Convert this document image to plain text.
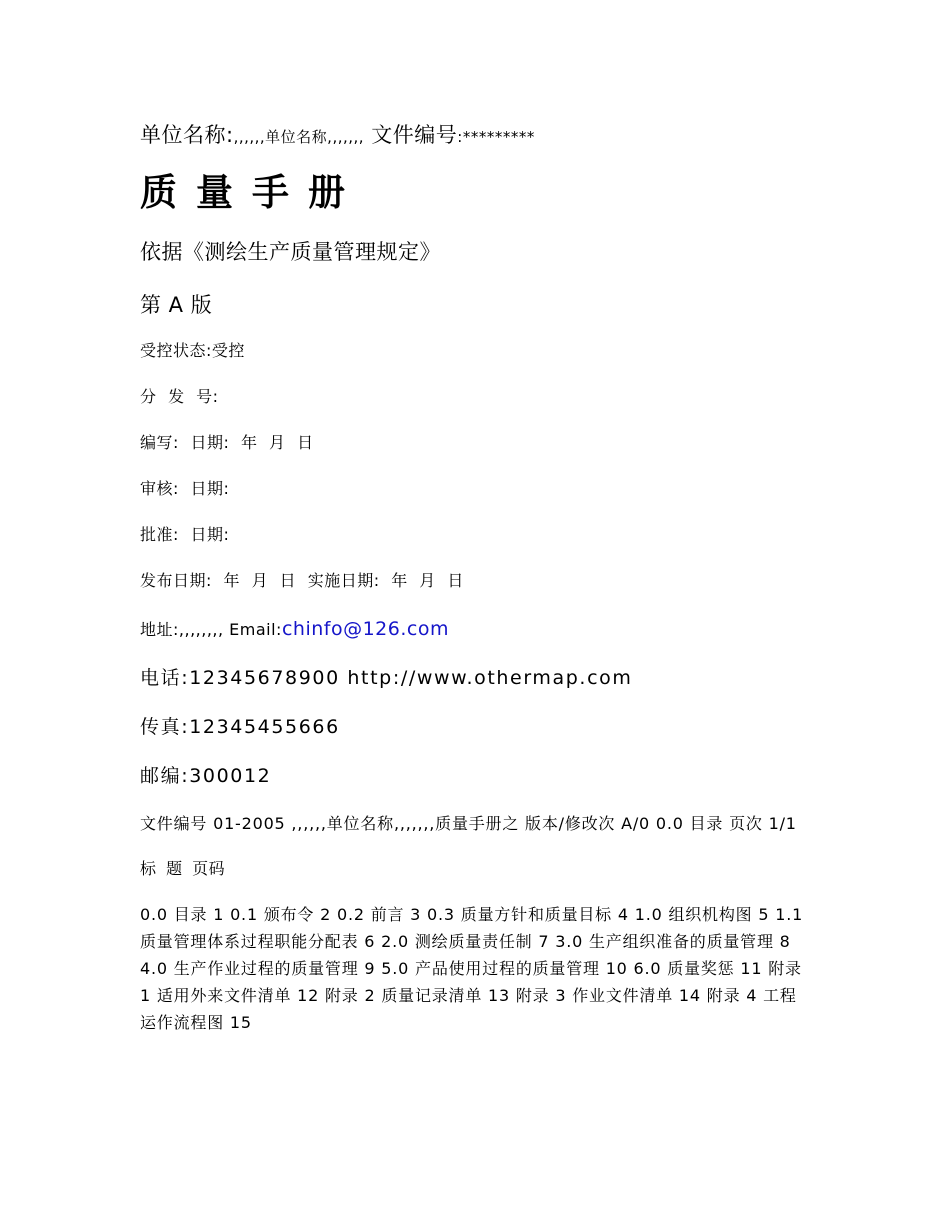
单位名称:,,,,,,单位名称,,,,,,, 文件编号:*********

质量手册

依据《测绘生产质量管理规定》

第 A 版

受控状态:受控

分 发 号:

编写: 日期: 年 月 日

审核: 日期:

批准: 日期:

发布日期: 年 月 日 实施日期: 年 月 日

地址:,,,,,,,, Email:chinfo@126.com

电话:12345678900 http://www.othermap.com

传真:12345455666

邮编:300012

文件编号 01-2005 ,,,,,,单位名称,,,,,,,质量手册之 版本/修改次 A/0 0.0 目录 页次 1/1

标 题 页码

0.0 目录 1 0.1 颁布令 2 0.2 前言 3 0.3 质量方针和质量目标 4 1.0 组织机构图 5 1.1 质量管理体系过程职能分配表 6 2.0 测绘质量责任制 7 3.0 生产组织准备的质量管理 8 4.0 生产作业过程的质量管理 9 5.0 产品使用过程的质量管理 10 6.0 质量奖惩 11 附录 1 适用外来文件清单 12 附录 2 质量记录清单 13 附录 3 作业文件清单 14 附录 4 工程运作流程图 15
